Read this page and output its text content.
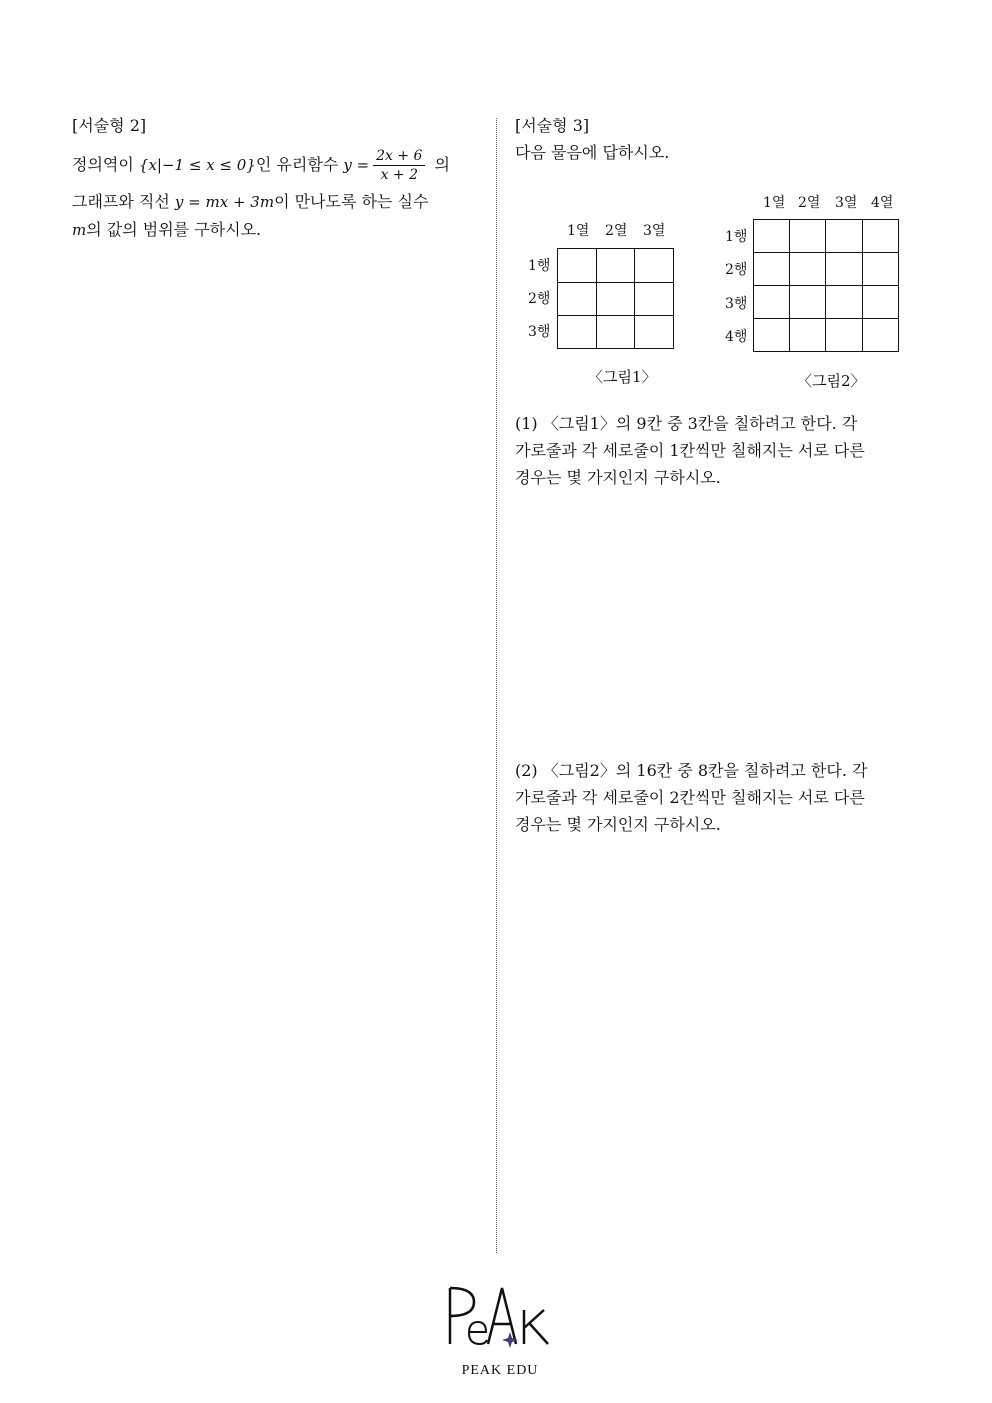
[서술형 2]

정의역이 {x|−1 ≤ x ≤ 0}인 유리함수 $y = \frac{2x + 6}{x + 2}$ 의

그래프와 직선 y = mx + 3m이 만나도록 하는 실수

m의 값의 범위를 구하시오.

[서술형 3]

다음 물음에 답하시오.

1열 2열 3열
1행
2행
3행

〈그림1〉
1열 2열 3열 4열
1행
2행
3행
4행

〈그림2〉
(1) 〈그림1〉의 9칸 중 3칸을 칠하려고 한다. 각
가로줄과 각 세로줄이 1칸씩만 칠해지는 서로 다른
경우는 몇 가지인지 구하시오.
(2) 〈그림2〉의 16칸 중 8칸을 칠하려고 한다. 각
가로줄과 각 세로줄이 2칸씩만 칠해지는 서로 다른
경우는 몇 가지인지 구하시오.
PEAK EDU
